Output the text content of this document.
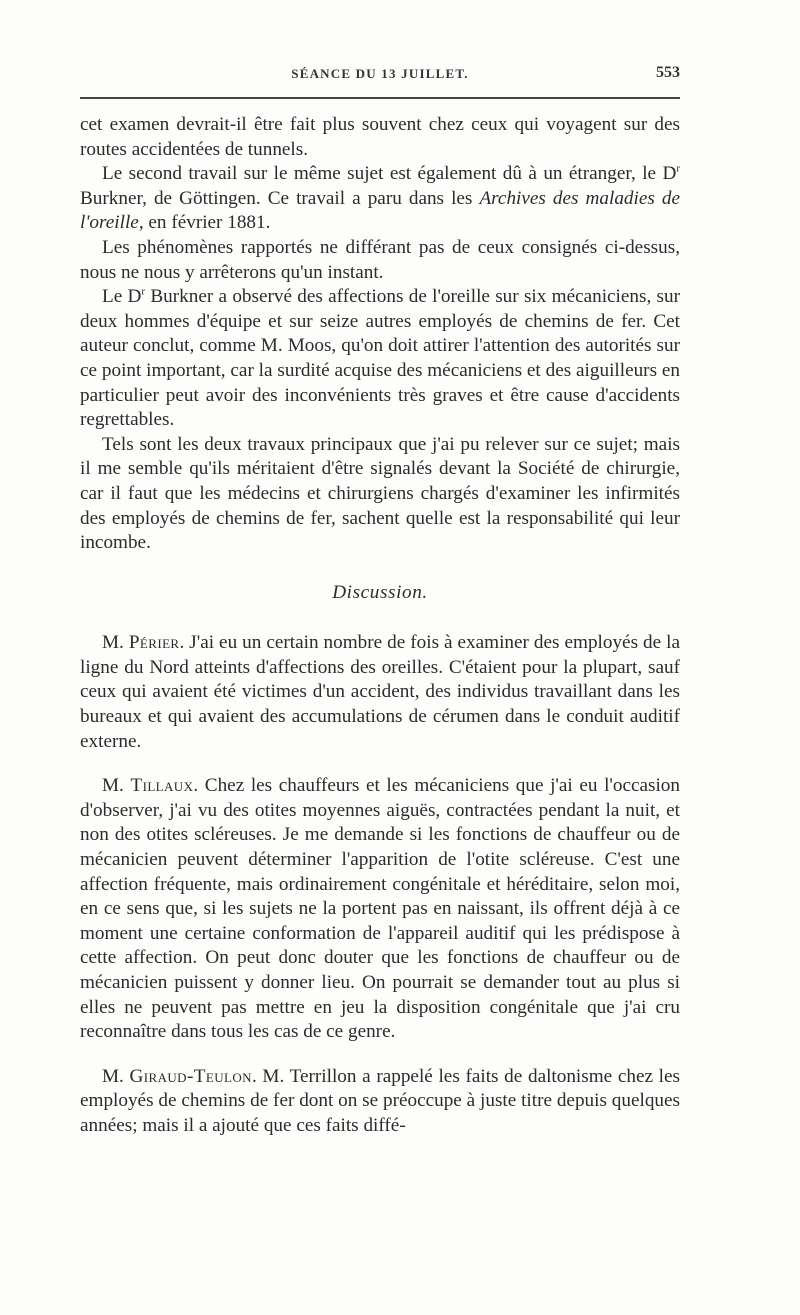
SÉANCE DU 13 JUILLET.	553

cet examen devrait-il être fait plus souvent chez ceux qui voyagent sur des routes accidentées de tunnels.

Le second travail sur le même sujet est également dû à un étranger, le $D^r$ Burkner, de Göttingen. Ce travail a paru dans les Archives des maladies de l'oreille, en février 1881.

Les phénomènes rapportés ne différant pas de ceux consignés ci-dessus, nous ne nous y arrêterons qu'un instant.

Le $D^r$ Burkner a observé des affections de l'oreille sur six mécaniciens, sur deux hommes d'équipe et sur seize autres employés de chemins de fer. Cet auteur conclut, comme M. Moos, qu'on doit attirer l'attention des autorités sur ce point important, car la surdité acquise des mécaniciens et des aiguilleurs en particulier peut avoir des inconvénients très graves et être cause d'accidents regrettables.

Tels sont les deux travaux principaux que j'ai pu relever sur ce sujet; mais il me semble qu'ils méritaient d'être signalés devant la Société de chirurgie, car il faut que les médecins et chirurgiens chargés d'examiner les infirmités des employés de chemins de fer, sachent quelle est la responsabilité qui leur incombe.

Discussion.

M. Périer. J'ai eu un certain nombre de fois à examiner des employés de la ligne du Nord atteints d'affections des oreilles. C'étaient pour la plupart, sauf ceux qui avaient été victimes d'un accident, des individus travaillant dans les bureaux et qui avaient des accumulations de cérumen dans le conduit auditif externe.

M. Tillaux. Chez les chauffeurs et les mécaniciens que j'ai eu l'occasion d'observer, j'ai vu des otites moyennes aiguës, contractées pendant la nuit, et non des otites scléreuses. Je me demande si les fonctions de chauffeur ou de mécanicien peuvent déterminer l'apparition de l'otite scléreuse. C'est une affection fréquente, mais ordinairement congénitale et héréditaire, selon moi, en ce sens que, si les sujets ne la portent pas en naissant, ils offrent déjà à ce moment une certaine conformation de l'appareil auditif qui les prédispose à cette affection. On peut donc douter que les fonctions de chauffeur ou de mécanicien puissent y donner lieu. On pourrait se demander tout au plus si elles ne peuvent pas mettre en jeu la disposition congénitale que j'ai cru reconnaître dans tous les cas de ce genre.

M. Giraud-Teulon. M. Terrillon a rappelé les faits de daltonisme chez les employés de chemins de fer dont on se préoccupe à juste titre depuis quelques années; mais il a ajouté que ces faits diffé-
